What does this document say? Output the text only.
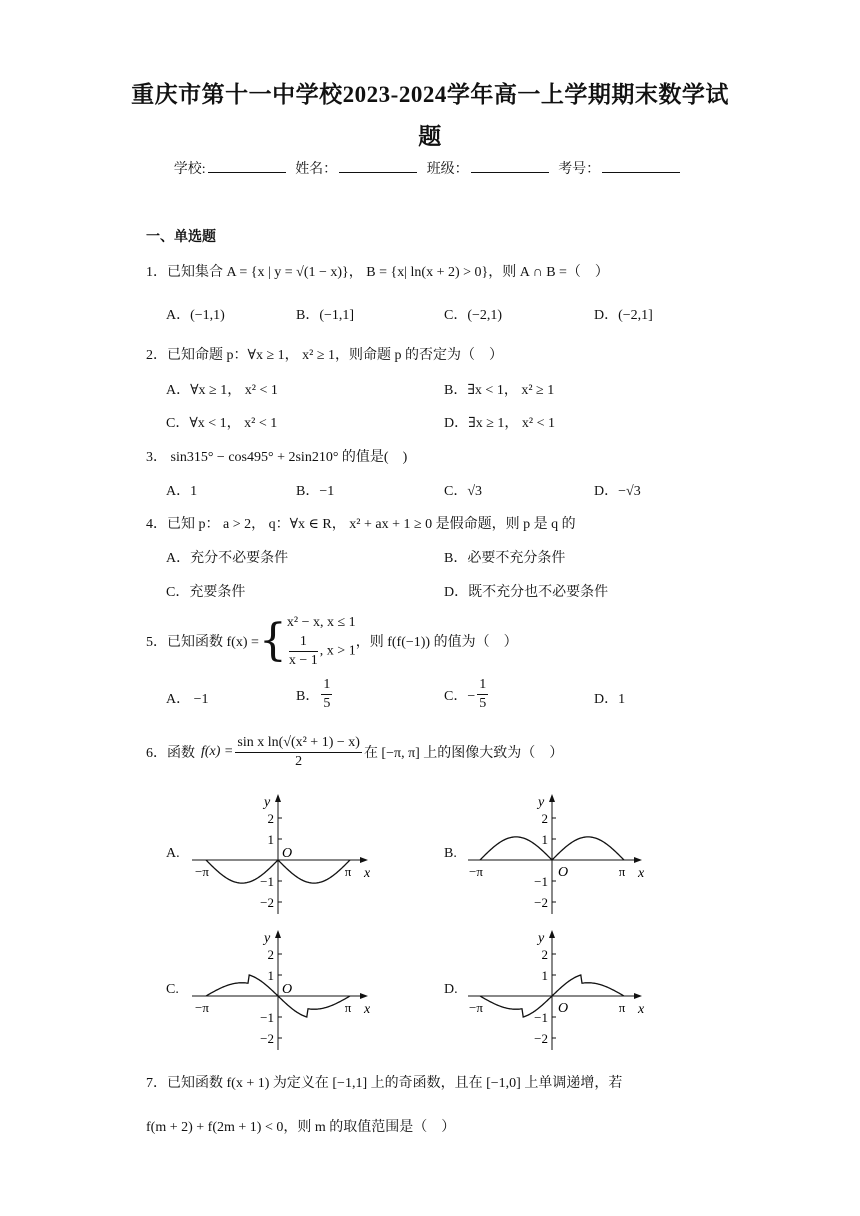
重庆市第十一中学校2023-2024学年高一上学期期末数学试
题
学校:	姓名：	班级：	考号：
一、单选题
1．已知集合 A = {x | y = √(1 − x)}， B = {x| ln(x + 2) > 0}，则 A ∩ B =（　）
A．(−1,1)	B．(−1,1]	C．(−2,1)	D．(−2,1]
2．已知命题 p：∀x ≥ 1， x² ≥ 1，则命题 p 的否定为（　）
A．∀x ≥ 1， x² < 1	B．∃x < 1， x² ≥ 1
C．∀x < 1， x² < 1	D．∃x ≥ 1， x² < 1
3． sin315° − cos495° + 2sin210° 的值是(　)
A．1	B．−1	C．√3	D．−√3
4．已知 p： a > 2， q：∀x ∈ R， x² + ax + 1 ≥ 0 是假命题，则 p 是 q 的
A．充分不必要条件	B．必要不充分条件
C．充要条件	D．既不充分也不必要条件
5．已知函数 f(x) = { x² − x, x ≤ 1
$\frac{1}{x - 1}$ , x > 1
，则 f(f(−1)) 的值为（　）
A． −1	B． $\frac{1}{5}$	C．− $\frac{1}{5}$	D．1
6．函数 $f(x) = \frac{\text{sin x ln(√(x² + 1) − x)}}{2}$ 在 [−π, π] 上的图像大致为（　）
A.	B.
C.	D.
2
1
−1
−2
y
x
O
−π	π
2
1
−1
−2
y
x
O
−π	π
2
1
−1
−2
y
x
O
−π	π
2
1
−1
−2
y
x
O
−π	π
7．已知函数 f(x + 1) 为定义在 [−1,1] 上的奇函数，且在 [−1,0] 上单调递增，若
f(m + 2) + f(2m + 1) < 0，则 m 的取值范围是（　）
